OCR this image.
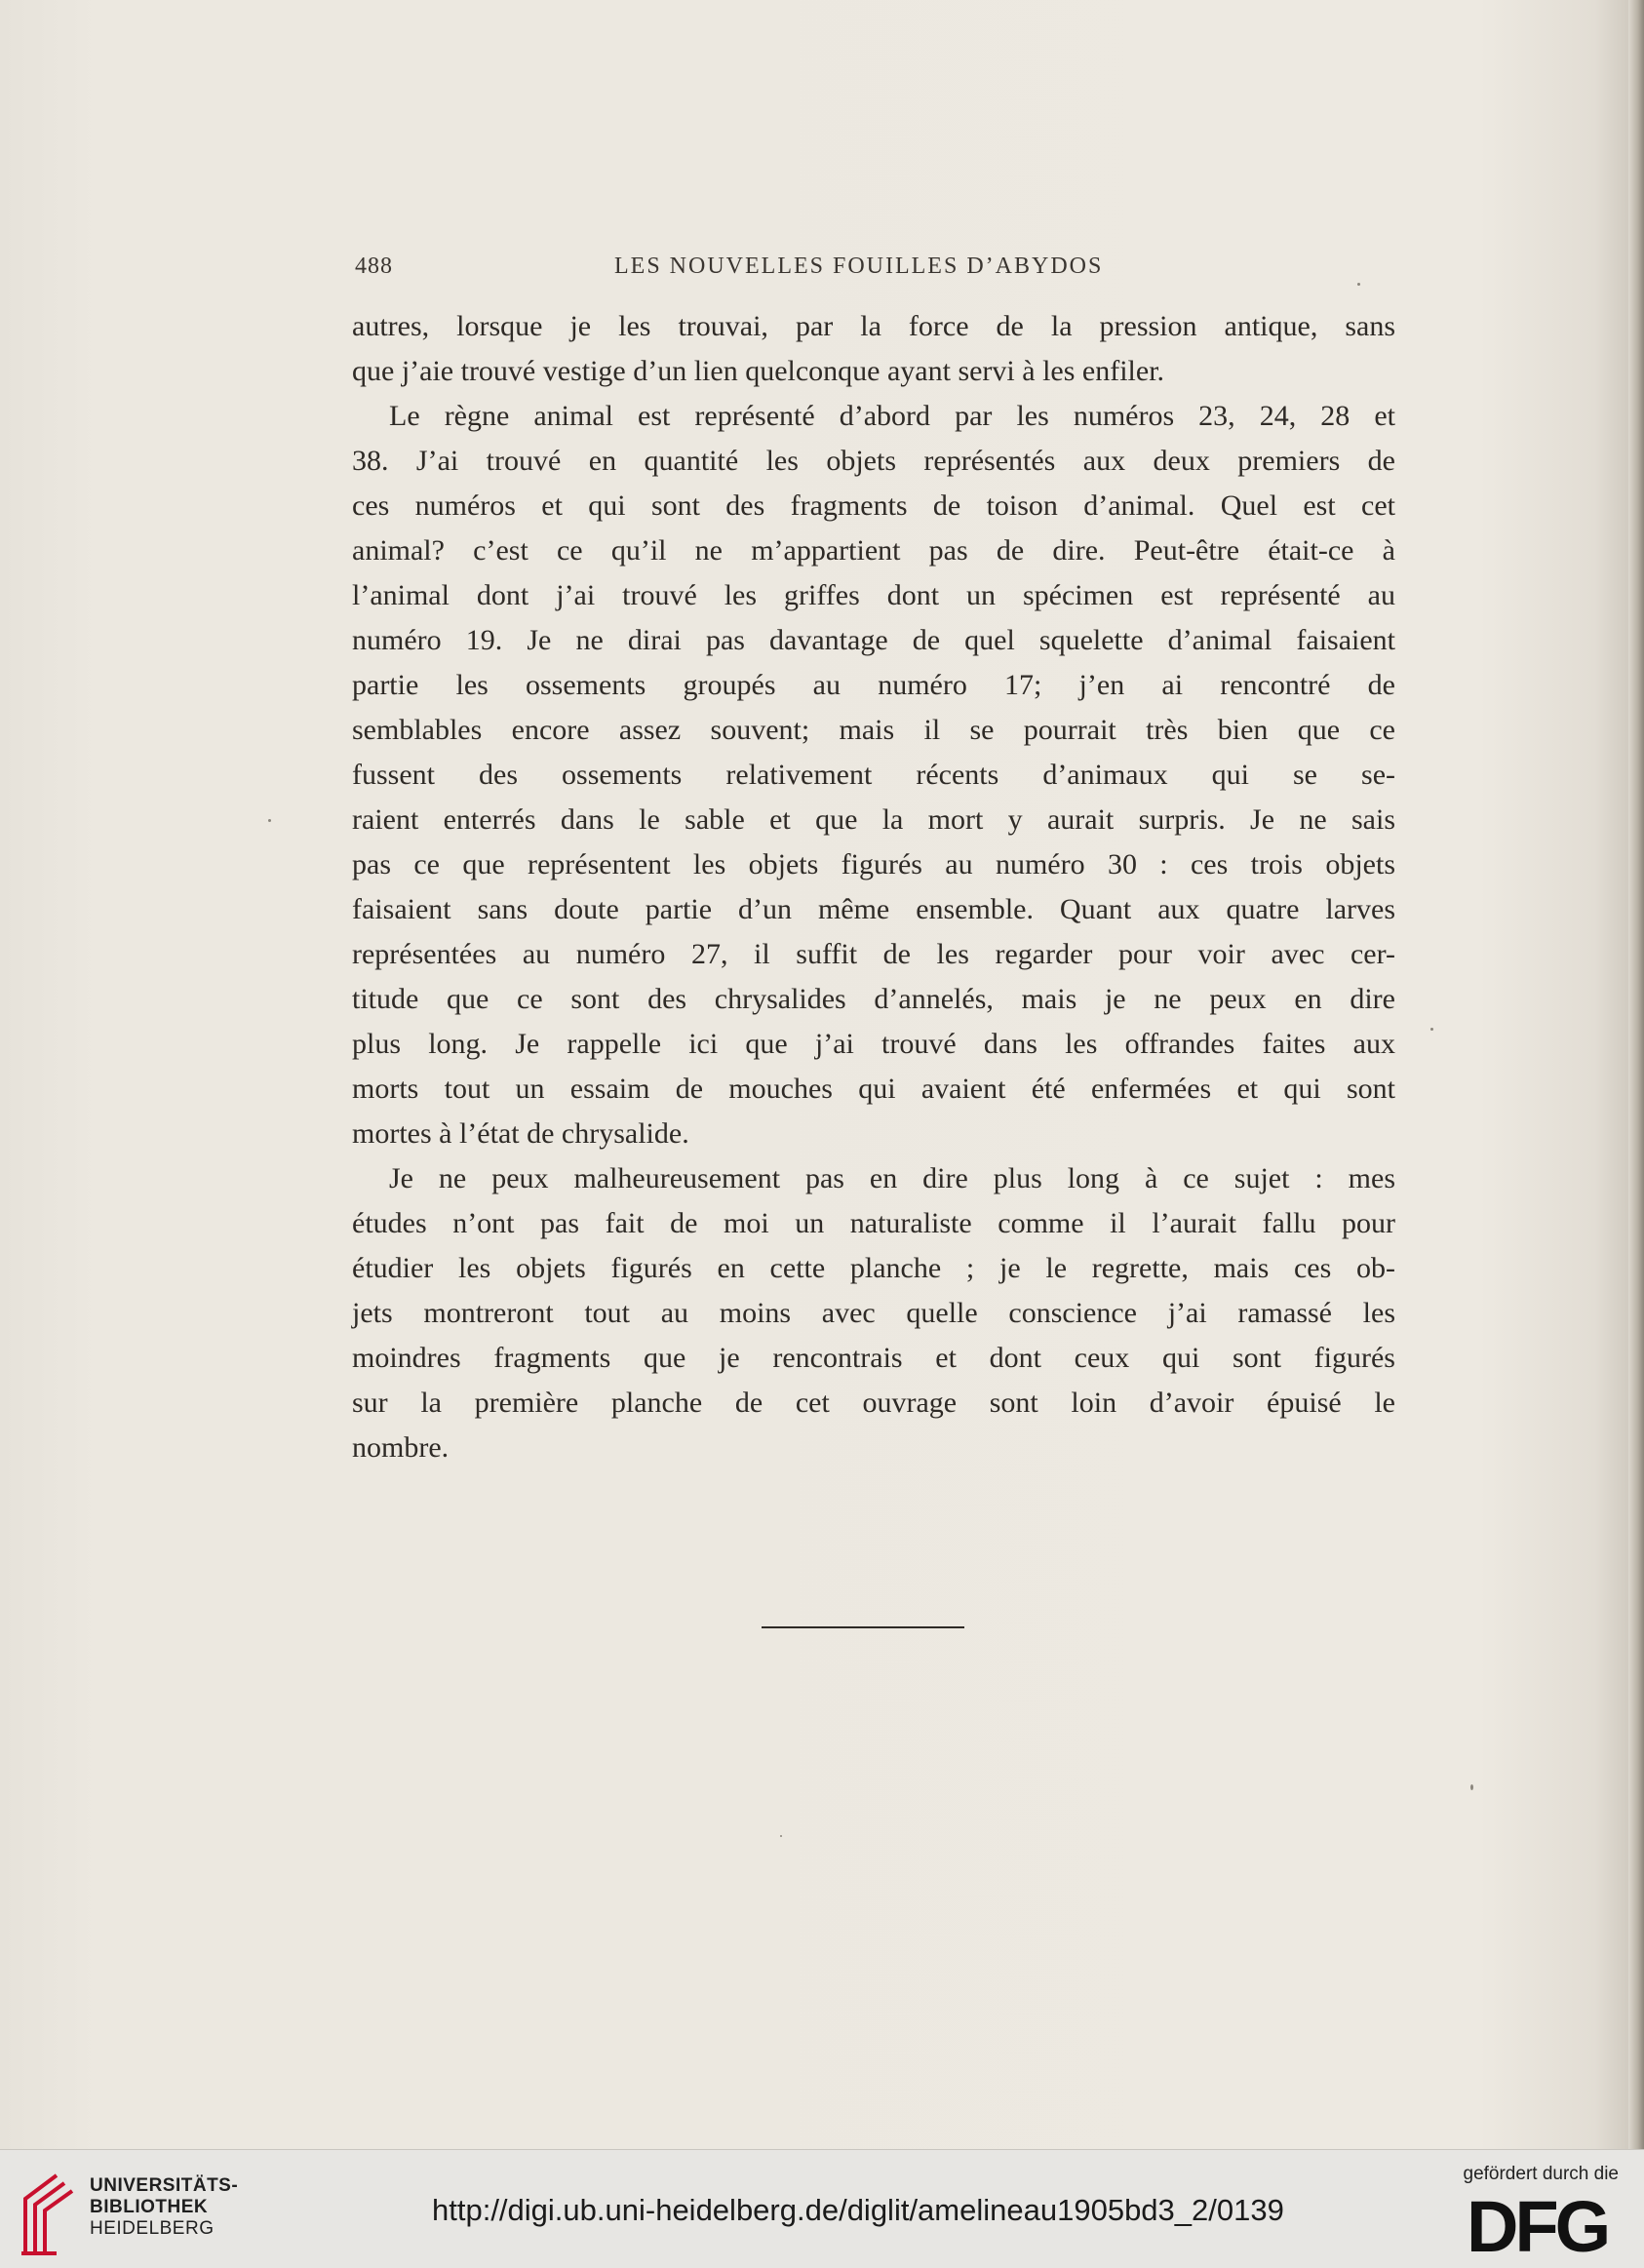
488	LES NOUVELLES FOUILLES D’ABYDOS
autres, lorsque je les trouvai, par la force de la pression antique, sans
que j’aie trouvé vestige d’un lien quelconque ayant servi à les enfiler.
Le règne animal est représenté d’abord par les numéros 23, 24, 28 et
38. J’ai trouvé en quantité les objets représentés aux deux premiers de
ces numéros et qui sont des fragments de toison d’animal. Quel est cet
animal? c’est ce qu’il ne m’appartient pas de dire. Peut-être était-ce à
l’animal dont j’ai trouvé les griffes dont un spécimen est représenté au
numéro 19. Je ne dirai pas davantage de quel squelette d’animal faisaient
partie les ossements groupés au numéro 17; j’en ai rencontré de
semblables encore assez souvent; mais il se pourrait très bien que ce
fussent des ossements relativement récents d’animaux qui se se-
raient enterrés dans le sable et que la mort y aurait surpris. Je ne sais
pas ce que représentent les objets figurés au numéro 30 : ces trois objets
faisaient sans doute partie d’un même ensemble. Quant aux quatre larves
représentées au numéro 27, il suffit de les regarder pour voir avec cer-
titude que ce sont des chrysalides d’annelés, mais je ne peux en dire
plus long. Je rappelle ici que j’ai trouvé dans les offrandes faites aux
morts tout un essaim de mouches qui avaient été enfermées et qui sont
mortes à l’état de chrysalide.
Je ne peux malheureusement pas en dire plus long à ce sujet : mes
études n’ont pas fait de moi un naturaliste comme il l’aurait fallu pour
étudier les objets figurés en cette planche ; je le regrette, mais ces ob-
jets montreront tout au moins avec quelle conscience j’ai ramassé les
moindres fragments que je rencontrais et dont ceux qui sont figurés
sur la première planche de cet ouvrage sont loin d’avoir épuisé le
nombre.
UNIVERSITÄTS-
BIBLIOTHEK
HEIDELBERG
http://digi.ub.uni-heidelberg.de/diglit/amelineau1905bd3_2/0139
gefördert durch die
DFG
